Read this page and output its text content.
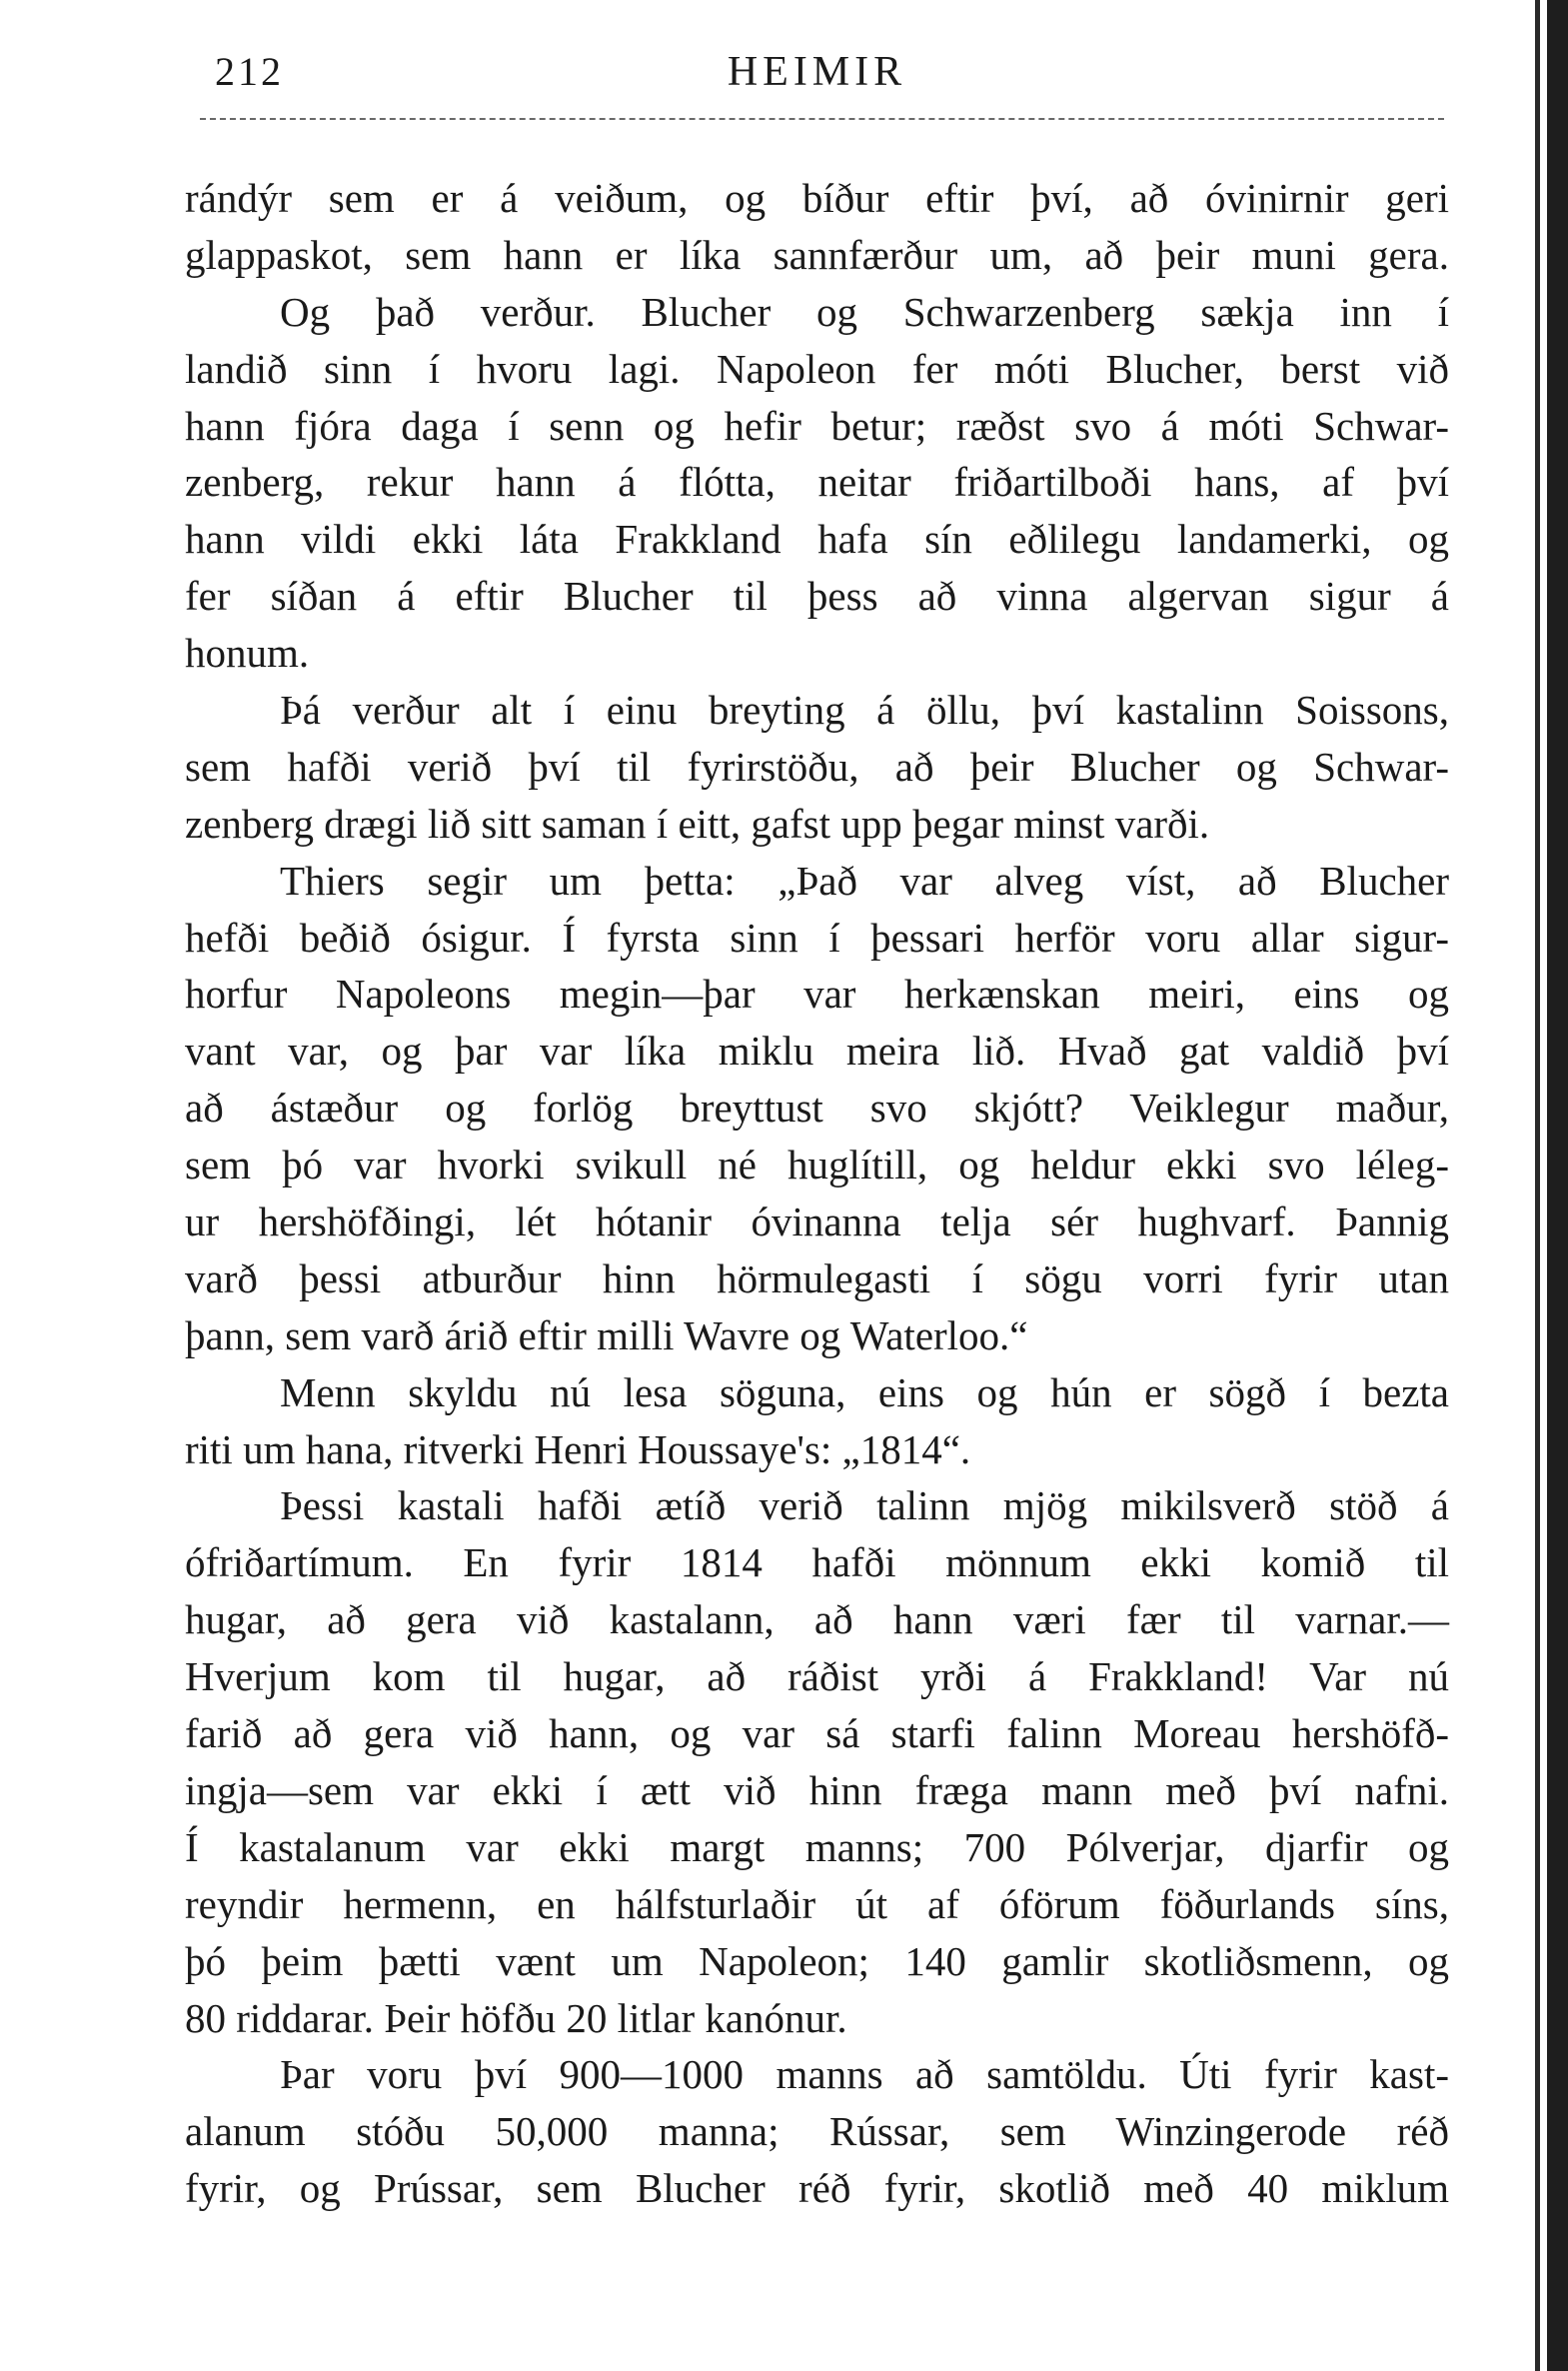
212	HEIMIR
rándýr sem er á veiðum, og bíður eftir því, að óvinirnir geri
glappaskot, sem hann er líka sannfærður um, að þeir muni gera.
Og það verður. Blucher og Schwarzenberg sækja inn í
landið sinn í hvoru lagi. Napoleon fer móti Blucher, berst við
hann fjóra daga í senn og hefir betur; ræðst svo á móti Schwar-
zenberg, rekur hann á flótta, neitar friðartilboði hans, af því
hann vildi ekki láta Frakkland hafa sín eðlilegu landamerki, og
fer síðan á eftir Blucher til þess að vinna algervan sigur á
honum.
Þá verður alt í einu breyting á öllu, því kastalinn Soissons,
sem hafði verið því til fyrirstöðu, að þeir Blucher og Schwar-
zenberg drægi lið sitt saman í eitt, gafst upp þegar minst varði.
Thiers segir um þetta: „Það var alveg víst, að Blucher
hefði beðið ósigur. Í fyrsta sinn í þessari herför voru allar sigur-
horfur Napoleons megin—þar var herkænskan meiri, eins og
vant var, og þar var líka miklu meira lið. Hvað gat valdið því
að ástæður og forlög breyttust svo skjótt? Veiklegur maður,
sem þó var hvorki svikull né huglítill, og heldur ekki svo léleg-
ur hershöfðingi, lét hótanir óvinanna telja sér hughvarf. Þannig
varð þessi atburður hinn hörmulegasti í sögu vorri fyrir utan
þann, sem varð árið eftir milli Wavre og Waterloo.“
Menn skyldu nú lesa söguna, eins og hún er sögð í bezta
riti um hana, ritverki Henri Houssaye's: „1814“.
Þessi kastali hafði ætíð verið talinn mjög mikilsverð stöð á
ófriðartímum. En fyrir 1814 hafði mönnum ekki komið til
hugar, að gera við kastalann, að hann væri fær til varnar.—
Hverjum kom til hugar, að ráðist yrði á Frakkland! Var nú
farið að gera við hann, og var sá starfi falinn Moreau hershöfð-
ingja—sem var ekki í ætt við hinn fræga mann með því nafni.
Í kastalanum var ekki margt manns; 700 Pólverjar, djarfir og
reyndir hermenn, en hálfsturlaðir út af óförum föðurlands síns,
þó þeim þætti vænt um Napoleon; 140 gamlir skotliðsmenn, og
80 riddarar. Þeir höfðu 20 litlar kanónur.
Þar voru því 900—1000 manns að samtöldu. Úti fyrir kast-
alanum stóðu 50,000 manna; Rússar, sem Winzingerode réð
fyrir, og Prússar, sem Blucher réð fyrir, skotlið með 40 miklum
